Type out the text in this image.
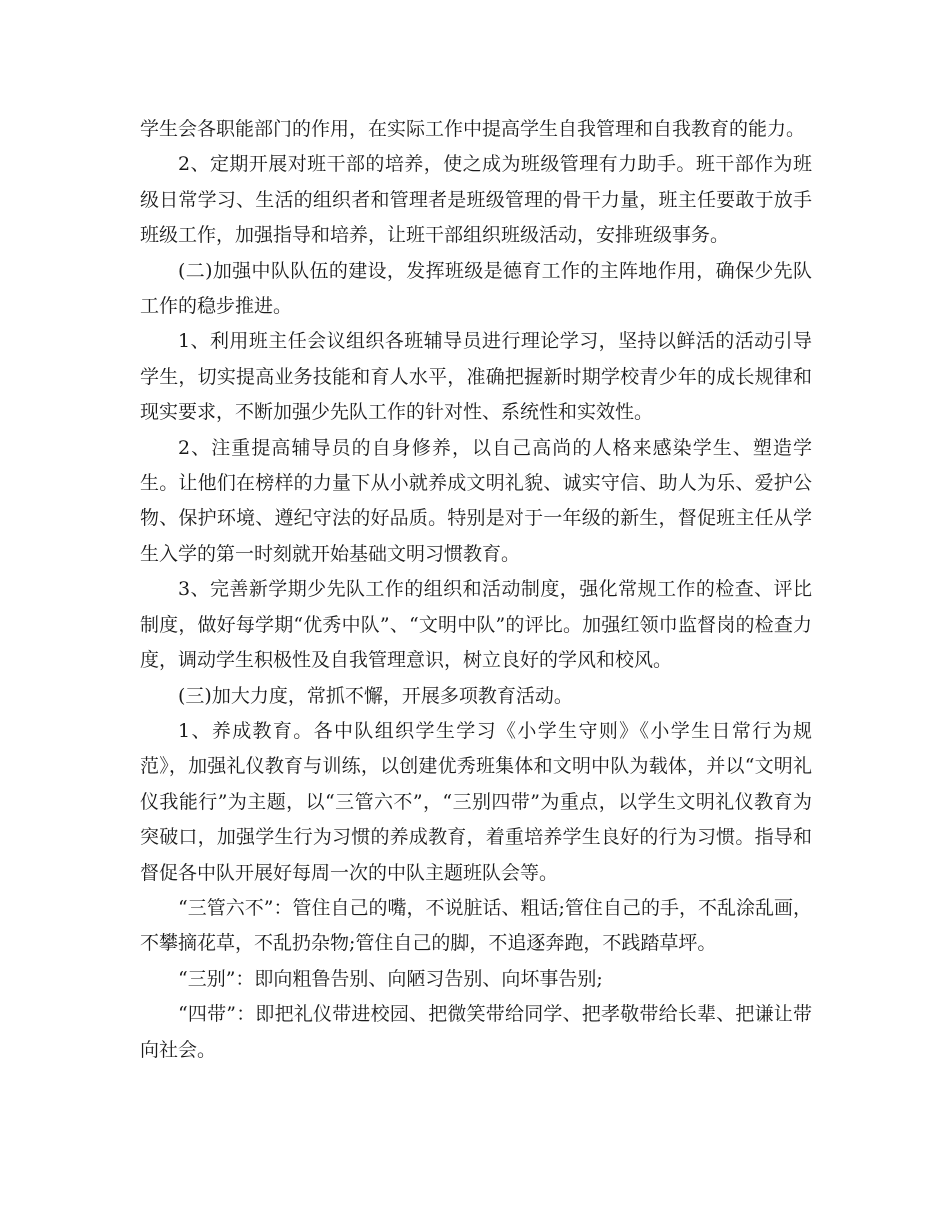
学生会各职能部门的作用，在实际工作中提高学生自我管理和自我教育的能力。

2、定期开展对班干部的培养，使之成为班级管理有力助手。班干部作为班级日常学习、生活的组织者和管理者是班级管理的骨干力量，班主任要敢于放手班级工作，加强指导和培养，让班干部组织班级活动，安排班级事务。

(二)加强中队队伍的建设，发挥班级是德育工作的主阵地作用，确保少先队工作的稳步推进。

1、利用班主任会议组织各班辅导员进行理论学习，坚持以鲜活的活动引导学生，切实提高业务技能和育人水平，准确把握新时期学校青少年的成长规律和现实要求，不断加强少先队工作的针对性、系统性和实效性。

2、注重提高辅导员的自身修养，以自己高尚的人格来感染学生、塑造学生。让他们在榜样的力量下从小就养成文明礼貌、诚实守信、助人为乐、爱护公物、保护环境、遵纪守法的好品质。特别是对于一年级的新生，督促班主任从学生入学的第一时刻就开始基础文明习惯教育。

3、完善新学期少先队工作的组织和活动制度，强化常规工作的检查、评比制度，做好每学期“优秀中队”、“文明中队”的评比。加强红领巾监督岗的检查力度，调动学生积极性及自我管理意识，树立良好的学风和校风。

(三)加大力度，常抓不懈，开展多项教育活动。

1、养成教育。各中队组织学生学习《小学生守则》《小学生日常行为规范》，加强礼仪教育与训练，以创建优秀班集体和文明中队为载体，并以“文明礼仪我能行”为主题，以“三管六不”，“三别四带”为重点，以学生文明礼仪教育为突破口，加强学生行为习惯的养成教育，着重培养学生良好的行为习惯。指导和督促各中队开展好每周一次的中队主题班队会等。

“三管六不”：管住自己的嘴，不说脏话、粗话;管住自己的手，不乱涂乱画，不攀摘花草，不乱扔杂物;管住自己的脚，不追逐奔跑，不践踏草坪。

“三别”：即向粗鲁告别、向陋习告别、向坏事告别;

“四带”：即把礼仪带进校园、把微笑带给同学、把孝敬带给长辈、把谦让带向社会。
